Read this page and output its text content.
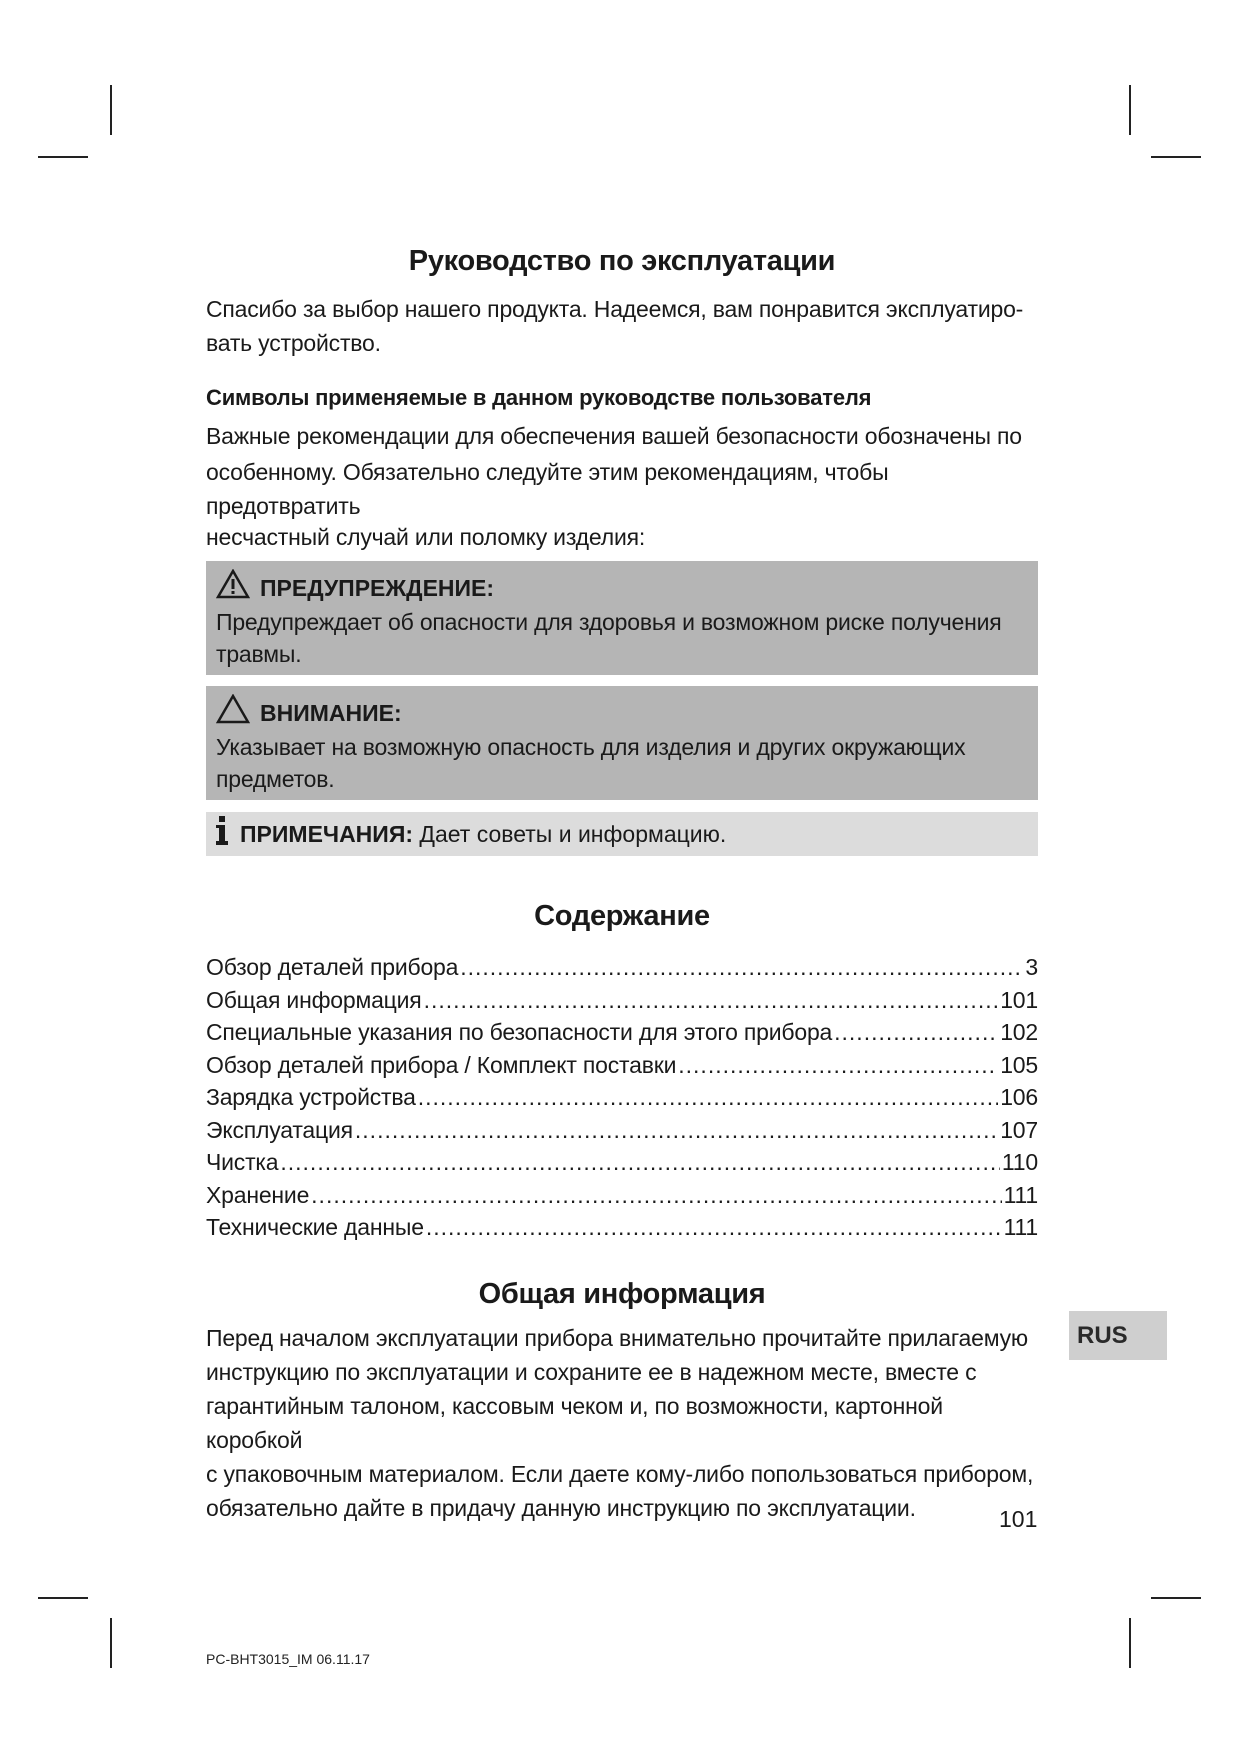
Руководство по эксплуатации

Спасибо за выбор нашего продукта. Надеемся, вам понравится эксплуатиро-

вать устройство.

Символы применяемые в данном руководстве пользователя

Важные рекомендации для обеспечения вашей безопасности обозначены по

особенному. Обязательно следуйте этим рекомендациям, чтобы предотвратить

несчастный случай или поломку изделия:

ПРЕДУПРЕЖДЕНИЕ:

Предупреждает об опасности для здоровья и возможном риске получения

травмы.

ВНИМАНИЕ:

Указывает на возможную опасность для изделия и других окружающих

предметов.

ПРИМЕЧАНИЯ: Дает советы и информацию.
Содержание
Обзор деталей прибора .....	3
Общая информация .....	101
Специальные указания по безопасности для этого прибора .....	102
Обзор деталей прибора / Комплект поставки .....	105
Зарядка устройства .....	106
Эксплуатация .....	107
Чистка .....	110
Хранение .....	111
Технические данные .....	111
Общая информация

Перед началом эксплуатации прибора внимательно прочитайте прилагаемую

инструкцию по эксплуатации и сохраните ее в надежном месте, вместе с

гарантийным талоном, кассовым чеком и, по возможности, картонной коробкой

с упаковочным материалом. Если даете кому-либо попользоваться прибором,

обязательно дайте в придачу данную инструкцию по эксплуатации.

RUS
101
PC-BHT3015_IM 06.11.17
